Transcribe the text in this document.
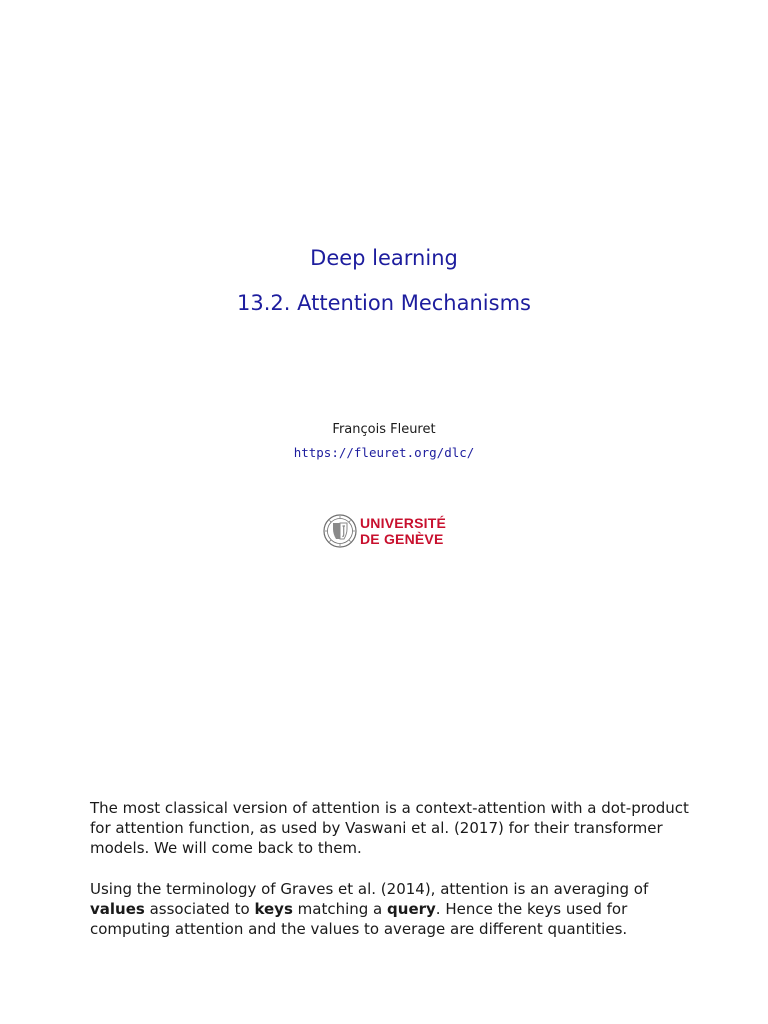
Deep learning
13.2. Attention Mechanisms
François Fleuret
https://fleuret.org/dlc/
UNIVERSITÉ
DE GENÈVE

The most classical version of attention is a context-attention with a dot-product for attention function, as used by Vaswani et al. (2017) for their transformer models. We will come back to them.

Using the terminology of Graves et al. (2014), attention is an averaging of values associated to keys matching a query. Hence the keys used for computing attention and the values to average are different quantities.
